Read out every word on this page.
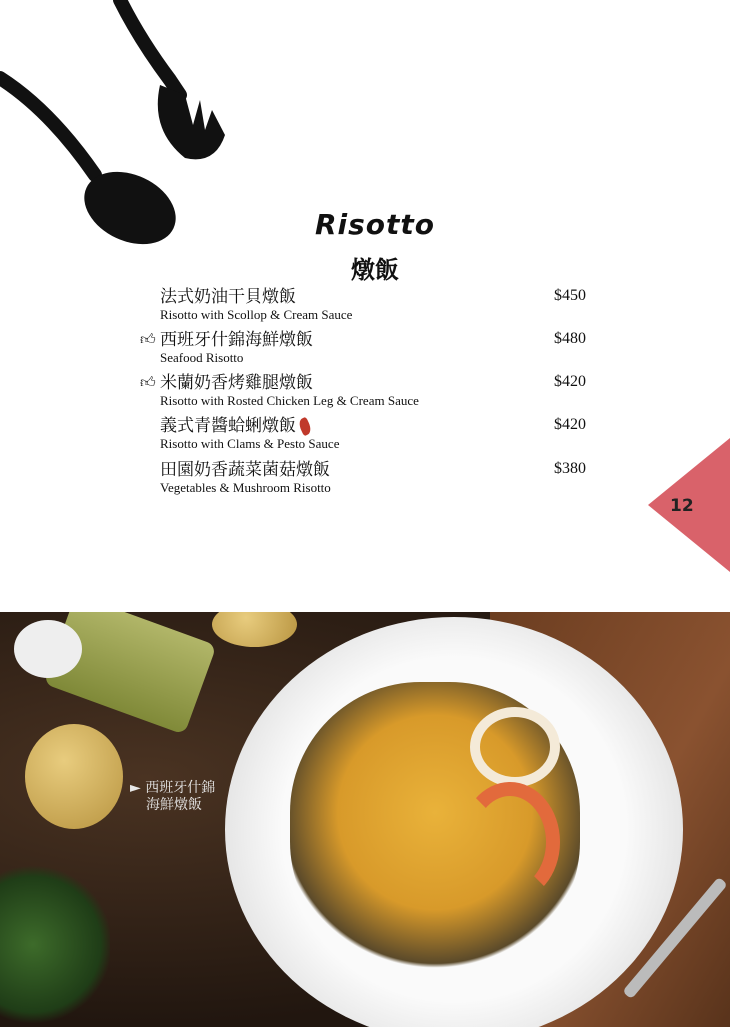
Risotto
燉飯
法式奶油干貝燉飯
Risotto with Scollop & Cream Sauce
$450
👍︎ 西班牙什錦海鮮燉飯
Seafood Risotto
$480
👍︎ 米蘭奶香烤雞腿燉飯
Risotto with Rosted Chicken Leg & Cream Sauce
$420
義式青醬蛤蜊燉飯
Risotto with Clams & Pesto Sauce
$420
田園奶香蔬菜菌菇燉飯
Vegetables & Mushroom Risotto
$380
12
► 西班牙什錦
海鮮燉飯
